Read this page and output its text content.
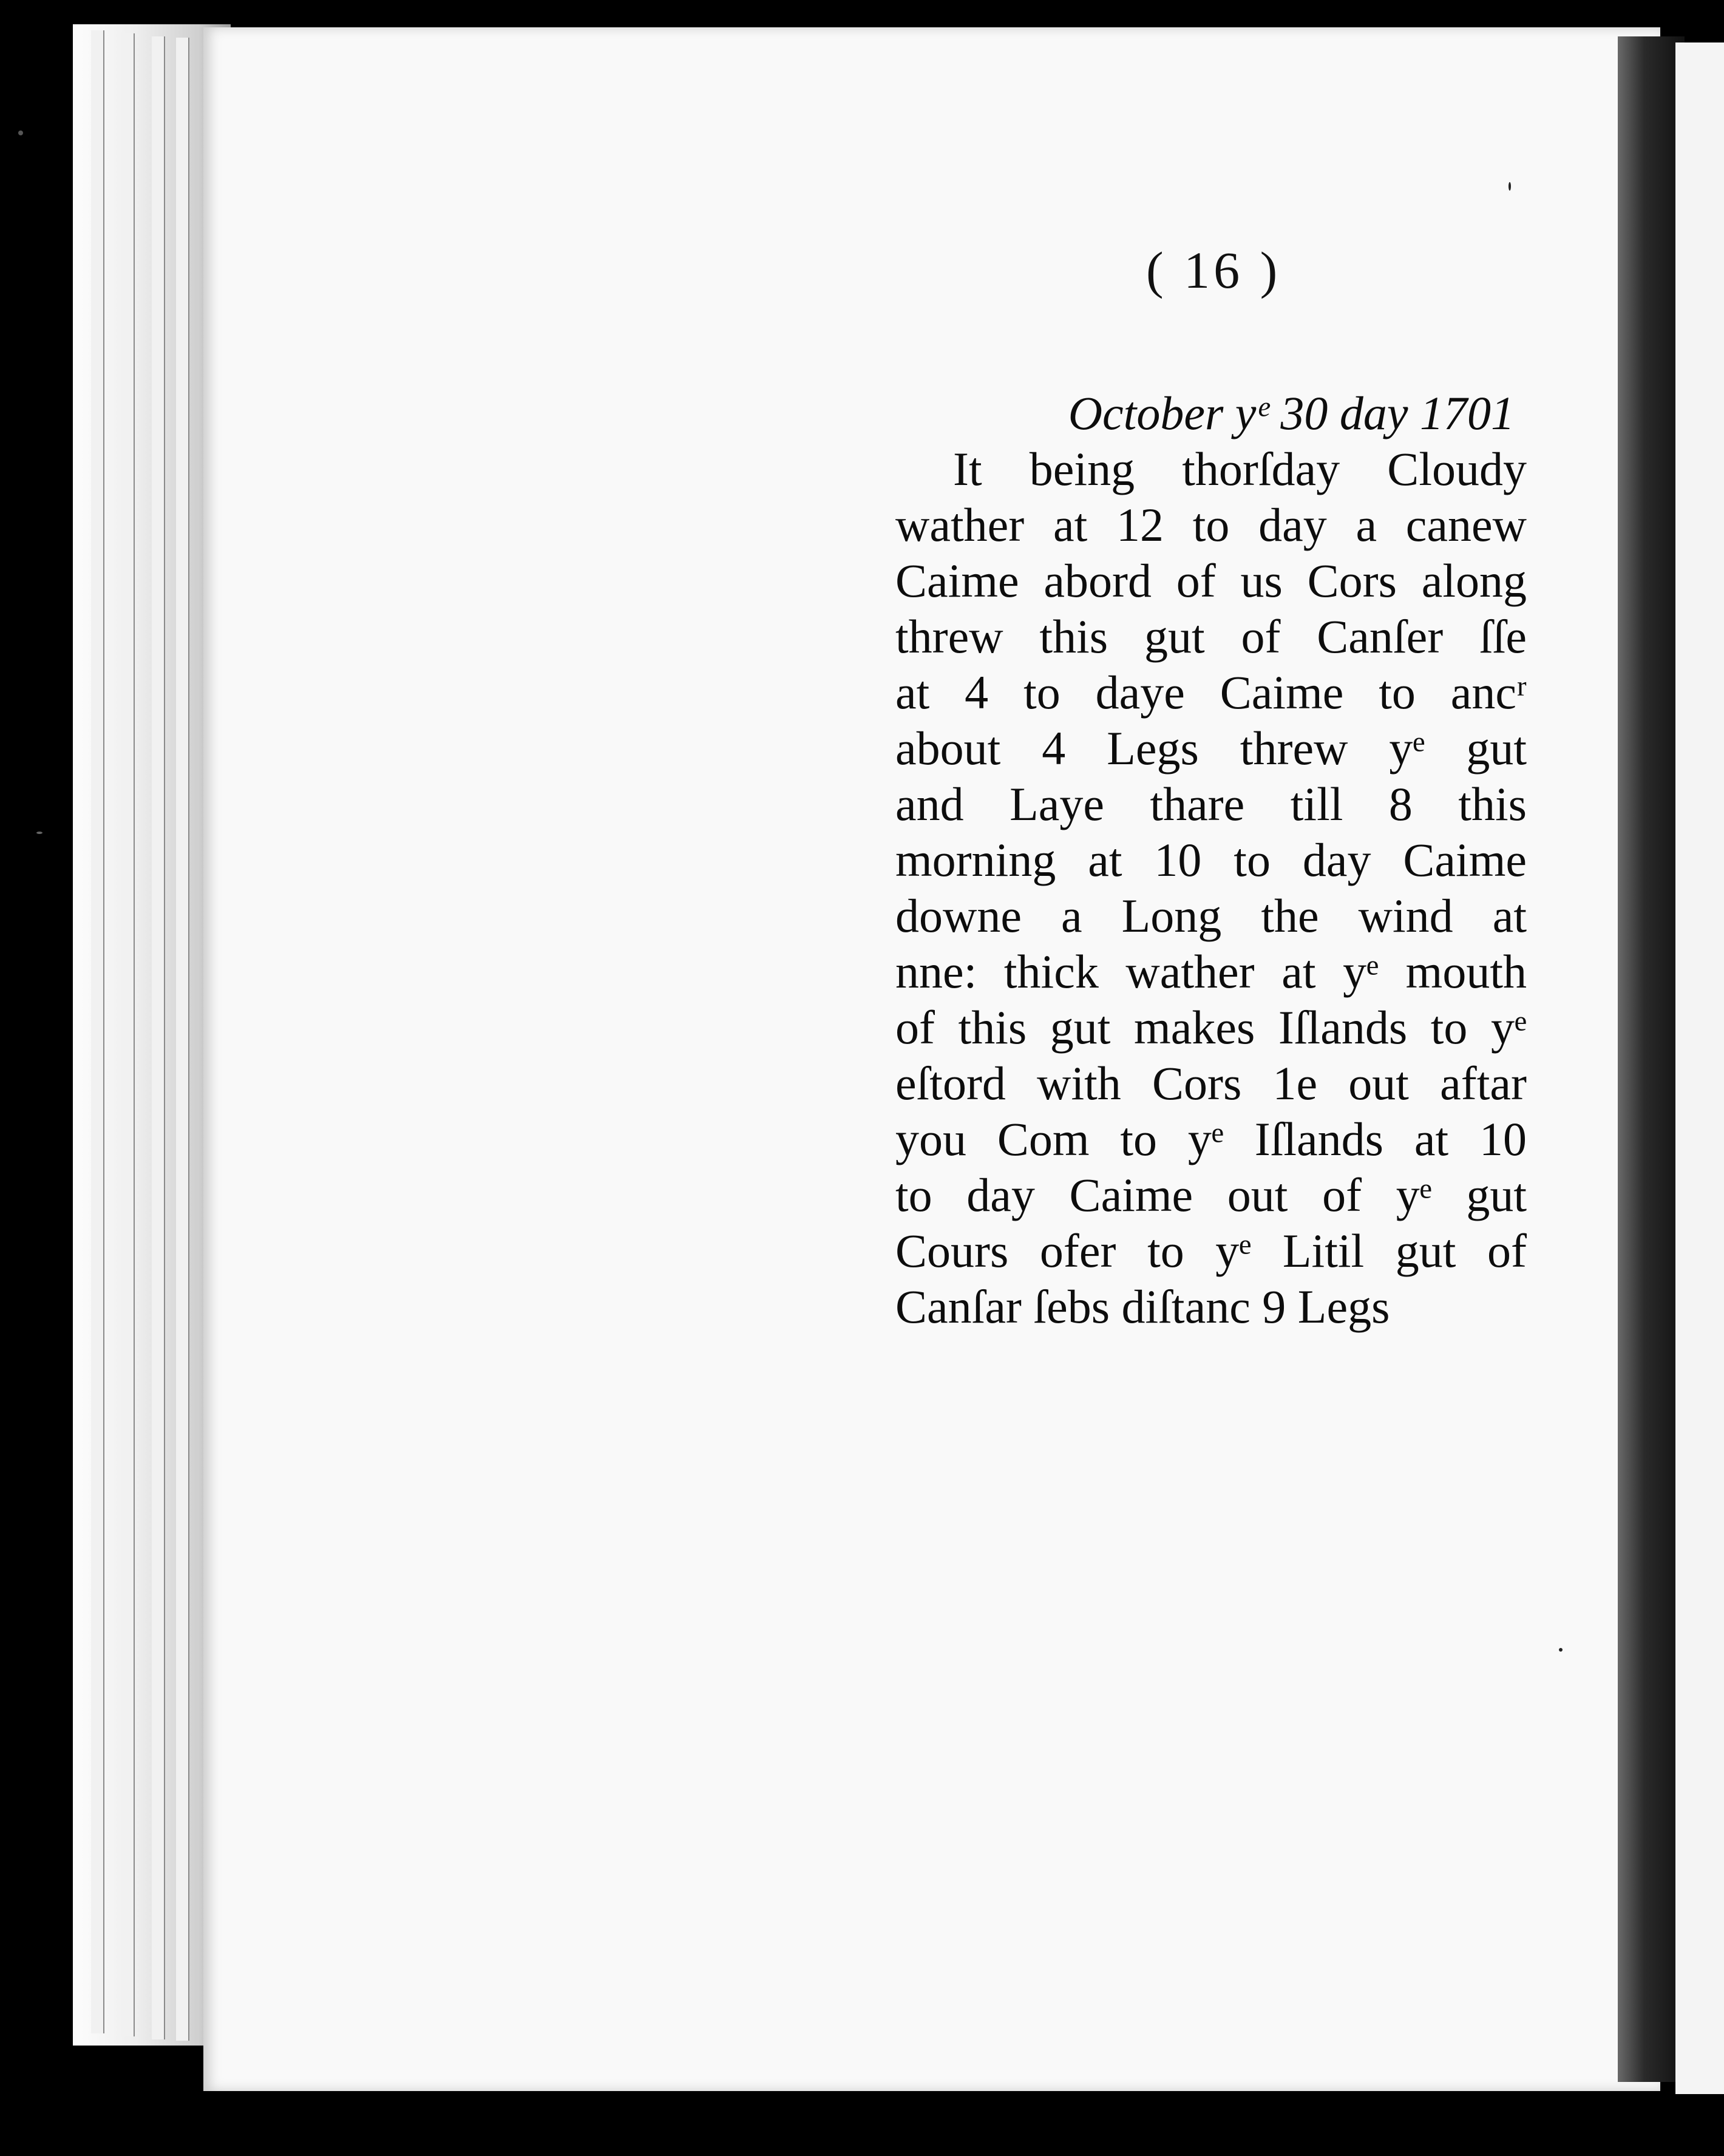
( 16 )
October yᵉ 30 day 1701
It being thorſday Cloudy
wather at 12 to day a canew
Caime abord of us Cors along
threw this gut of Canſer ſſe
at 4 to daye Caime to ancʳ
about 4 Legs threw yᵉ gut
and Laye thare till 8 this
morning at 10 to day Caime
downe a Long the wind at
nne: thick wather at yᵉ mouth
of this gut makes Iſlands to yᵉ
eſtord with Cors 1e out aftar
you Com to yᵉ Iſlands at 10
to day Caime out of yᵉ gut
Cours ofer to yᵉ Litil gut of
Canſar ſebs diſtanc 9 Legs
